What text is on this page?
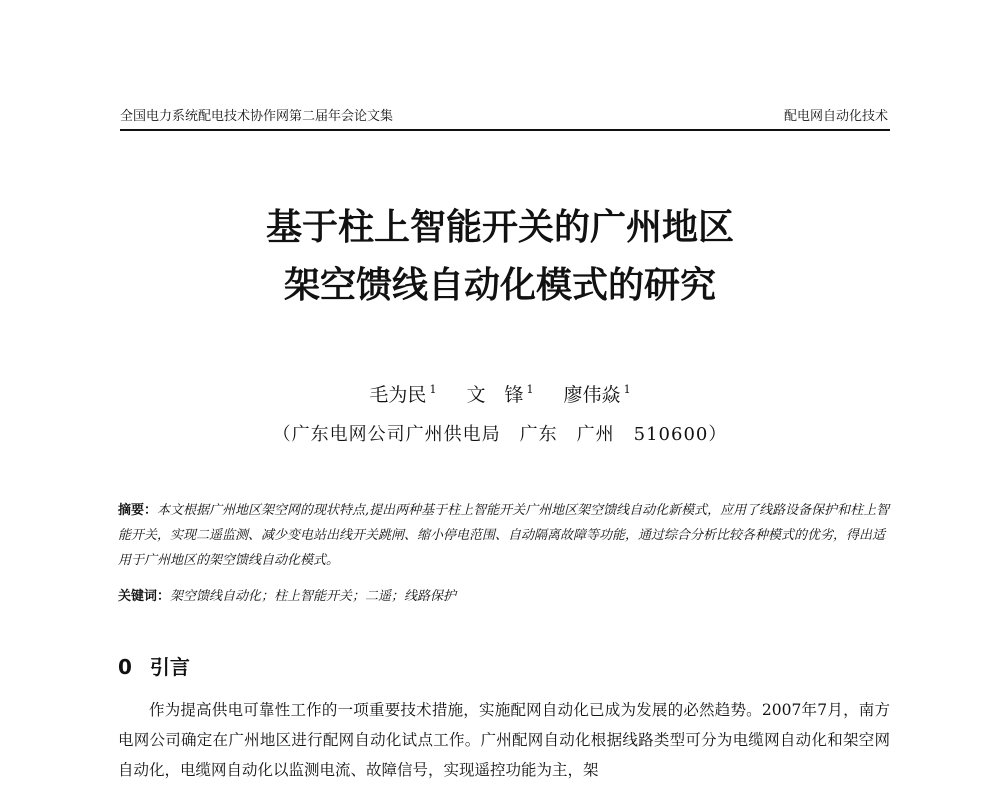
全国电力系统配电技术协作网第二届年会论文集	配电网自动化技术
基于柱上智能开关的广州地区
架空馈线自动化模式的研究
毛为民 $^1$ 文　锋 $^1$ 廖伟焱 $^1$
（广东电网公司广州供电局　广东　广州　510600）
摘要：本文根据广州地区架空网的现状特点,提出两种基于柱上智能开关广州地区架空馈线自动化新模式，应用了线路设备保护和柱上智能开关，实现二遥监测、减少变电站出线开关跳闸、缩小停电范围、自动隔离故障等功能，通过综合分析比较各种模式的优劣，得出适用于广州地区的架空馈线自动化模式。
关键词：架空馈线自动化；柱上智能开关；二遥；线路保护
0 引言

作为提高供电可靠性工作的一项重要技术措施，实施配网自动化已成为发展的必然趋势。2007年7月，南方电网公司确定在广州地区进行配网自动化试点工作。广州配网自动化根据线路类型可分为电缆网自动化和架空网自动化，电缆网自动化以监测电流、故障信号，实现遥控功能为主，架
